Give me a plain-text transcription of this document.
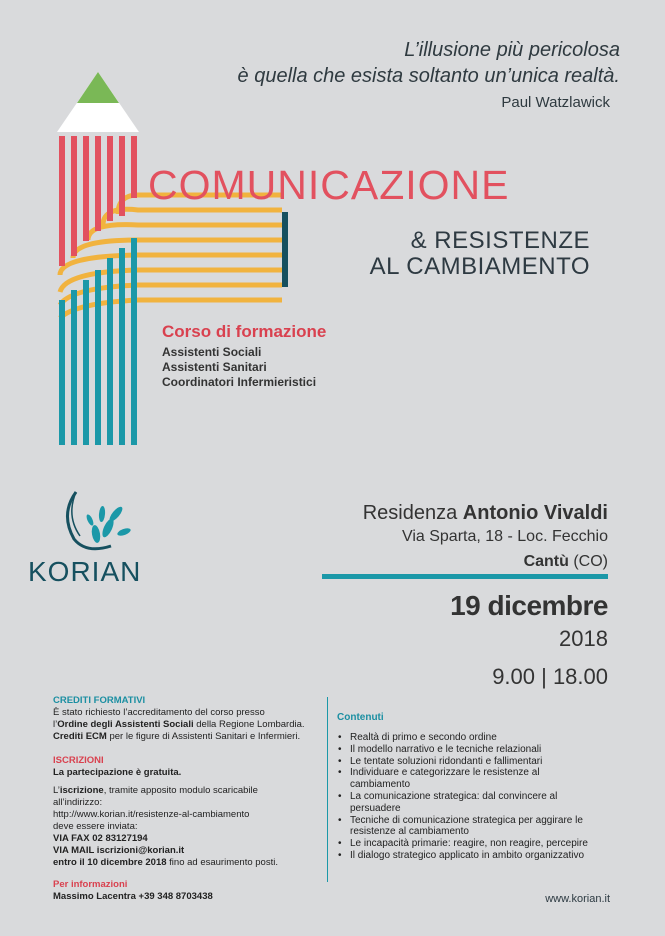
L’illusione più pericolosa
è quella che esista soltanto un’unica realtà.
Paul Watzlawick
COMUNICAZIONE
& RESISTENZE
AL CAMBIAMENTO
Corso di formazione
Assistenti Sociali
Assistenti Sanitari
Coordinatori Infermieristici
KORIAN
Residenza Antonio Vivaldi
Via Sparta, 18 - Loc. Fecchio
Cantù (CO)
19 dicembre
2018
9.00 | 18.00
CREDITI FORMATIVI
È stato richiesto l’accreditamento del corso presso
l’Ordine degli Assistenti Sociali della Regione Lombardia.
Crediti ECM per le figure di Assistenti Sanitari e Infermieri.
ISCRIZIONI
La partecipazione è gratuita.
L’iscrizione, tramite apposito modulo scaricabile
all’indirizzo:
http://www.korian.it/resistenze-al-cambiamento
deve essere inviata:
VIA FAX 02 83127194
VIA MAIL iscrizioni@korian.it
entro il 10 dicembre 2018 fino ad esaurimento posti.
Per informazioni
Massimo Lacentra +39 348 8703438
Contenuti
• Realtà di primo e secondo ordine
• Il modello narrativo e le tecniche relazionali
• Le tentate soluzioni ridondanti e fallimentari
• Individuare e categorizzare le resistenze al cambiamento
• La comunicazione strategica: dal convincere al persuadere
• Tecniche di comunicazione strategica per aggirare le resistenze al cambiamento
• Le incapacità primarie: reagire, non reagire, percepire
• Il dialogo strategico applicato in ambito organizzativo
www.korian.it
